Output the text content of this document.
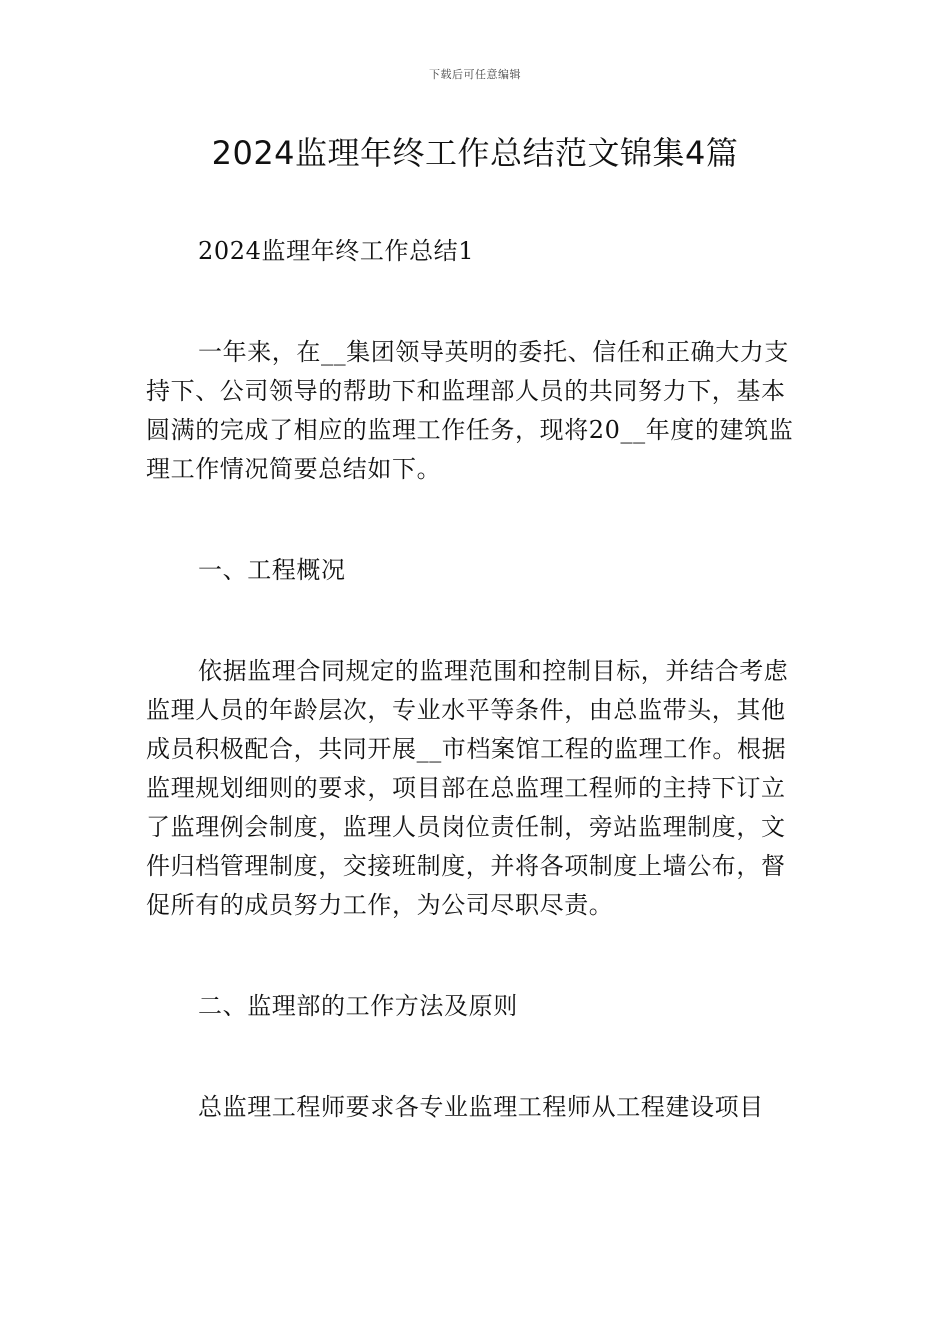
下载后可任意编辑
2024监理年终工作总结范文锦集4篇

2024监理年终工作总结1

一年来，在__集团领导英明的委托、信任和正确大力支持下、公司领导的帮助下和监理部人员的共同努力下，基本圆满的完成了相应的监理工作任务，现将20__年度的建筑监理工作情况简要总结如下。

一、工程概况

依据监理合同规定的监理范围和控制目标，并结合考虑监理人员的年龄层次，专业水平等条件，由总监带头，其他成员积极配合，共同开展__市档案馆工程的监理工作。根据监理规划细则的要求，项目部在总监理工程师的主持下订立了监理例会制度，监理人员岗位责任制，旁站监理制度，文件归档管理制度，交接班制度，并将各项制度上墙公布，督促所有的成员努力工作，为公司尽职尽责。

二、监理部的工作方法及原则

总监理工程师要求各专业监理工程师从工程建设项目
